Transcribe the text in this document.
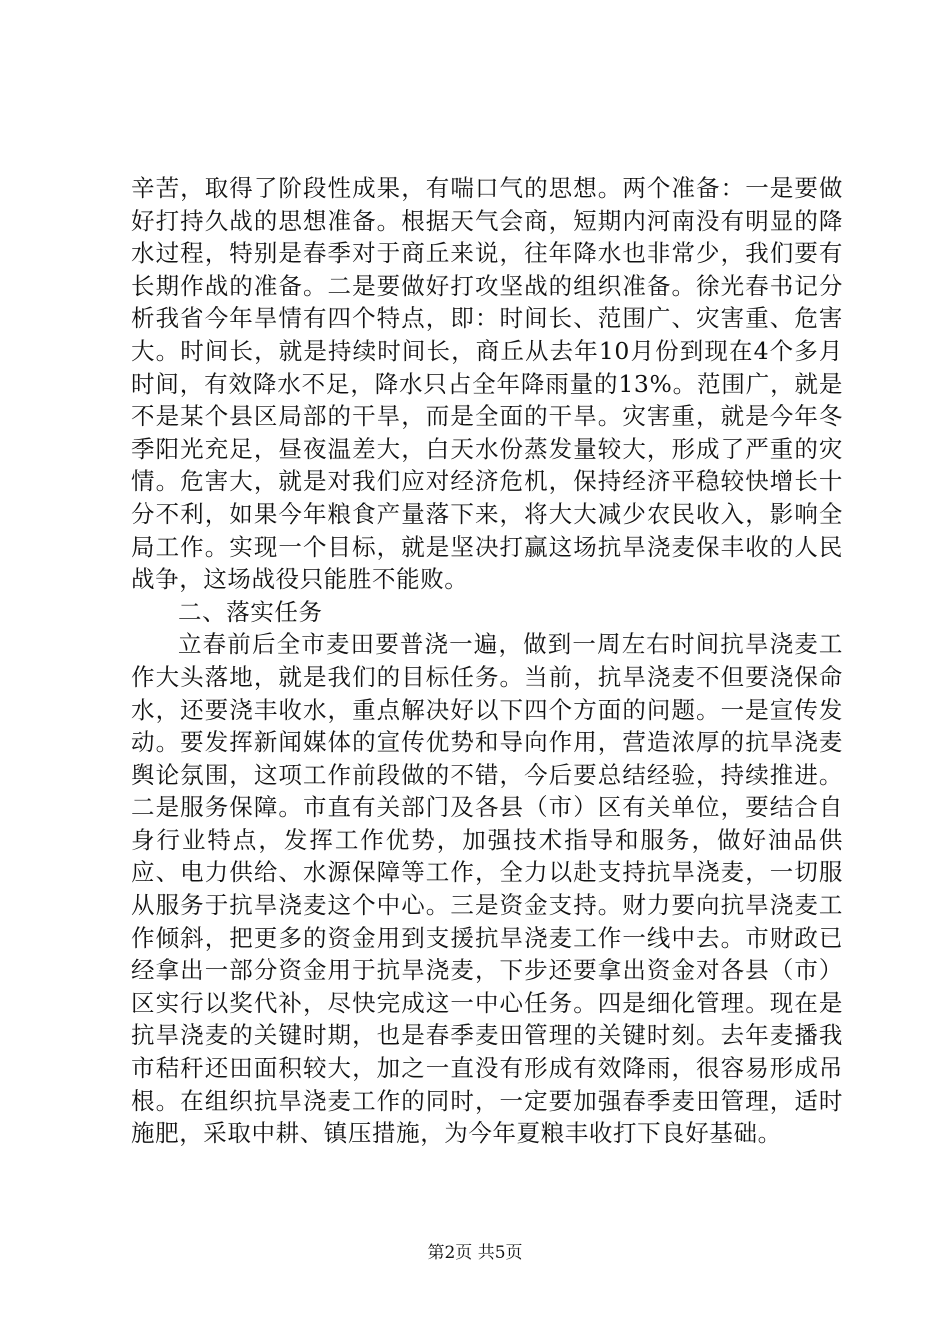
辛苦，取得了阶段性成果，有喘口气的思想。两个准备：一是要做好打持久战的思想准备。根据天气会商，短期内河南没有明显的降水过程，特别是春季对于商丘来说，往年降水也非常少，我们要有长期作战的准备。二是要做好打攻坚战的组织准备。徐光春书记分析我省今年旱情有四个特点，即：时间长、范围广、灾害重、危害大。时间长，就是持续时间长，商丘从去年10月份到现在4个多月时间，有效降水不足，降水只占全年降雨量的13%。范围广，就是不是某个县区局部的干旱，而是全面的干旱。灾害重，就是今年冬季阳光充足，昼夜温差大，白天水份蒸发量较大，形成了严重的灾情。危害大，就是对我们应对经济危机，保持经济平稳较快增长十分不利，如果今年粮食产量落下来，将大大减少农民收入，影响全局工作。实现一个目标，就是坚决打赢这场抗旱浇麦保丰收的人民战争，这场战役只能胜不能败。

二、落实任务

立春前后全市麦田要普浇一遍，做到一周左右时间抗旱浇麦工作大头落地，就是我们的目标任务。当前，抗旱浇麦不但要浇保命水，还要浇丰收水，重点解决好以下四个方面的问题。一是宣传发动。要发挥新闻媒体的宣传优势和导向作用，营造浓厚的抗旱浇麦舆论氛围，这项工作前段做的不错，今后要总结经验，持续推进。二是服务保障。市直有关部门及各县（市）区有关单位，要结合自身行业特点，发挥工作优势，加强技术指导和服务，做好油品供应、电力供给、水源保障等工作，全力以赴支持抗旱浇麦，一切服从服务于抗旱浇麦这个中心。三是资金支持。财力要向抗旱浇麦工作倾斜，把更多的资金用到支援抗旱浇麦工作一线中去。市财政已经拿出一部分资金用于抗旱浇麦，下步还要拿出资金对各县（市）区实行以奖代补，尽快完成这一中心任务。四是细化管理。现在是抗旱浇麦的关键时期，也是春季麦田管理的关键时刻。去年麦播我市秸秆还田面积较大，加之一直没有形成有效降雨，很容易形成吊根。在组织抗旱浇麦工作的同时，一定要加强春季麦田管理，适时施肥，采取中耕、镇压措施，为今年夏粮丰收打下良好基础。

第2页 共5页
